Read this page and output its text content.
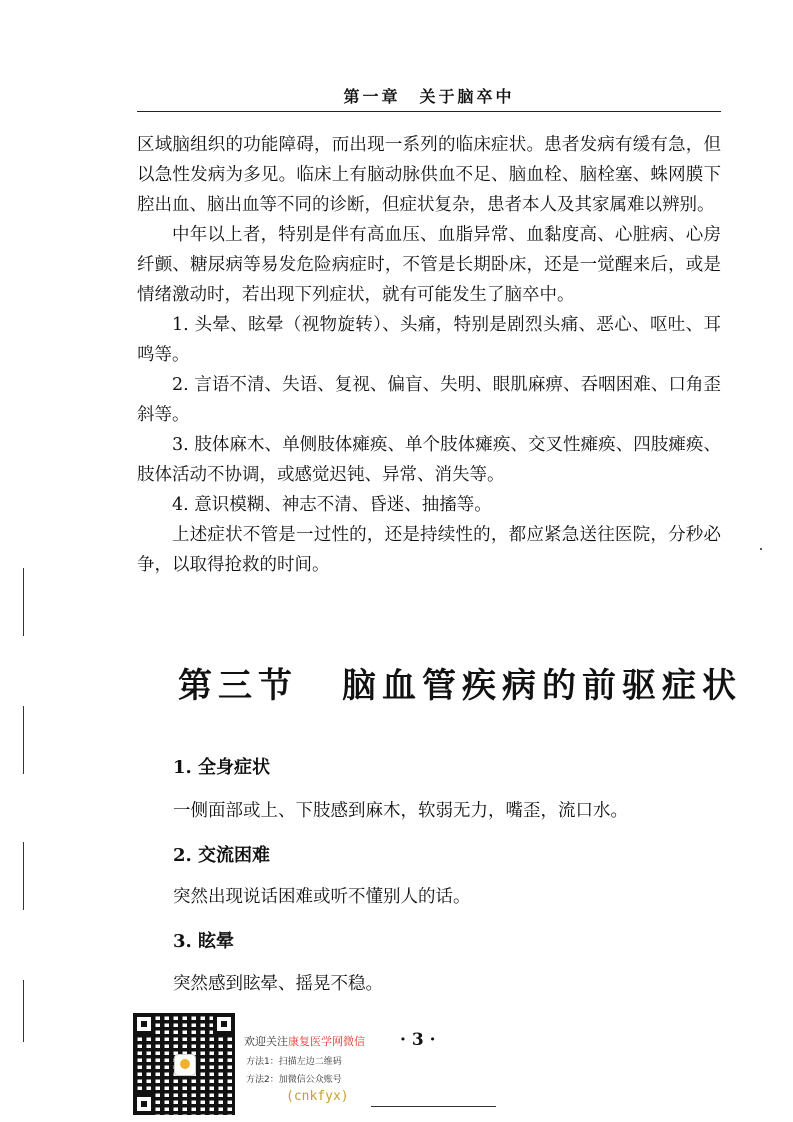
第一章　关于脑卒中

区域脑组织的功能障碍，而出现一系列的临床症状。患者发病有缓有急，但以急性发病为多见。临床上有脑动脉供血不足、脑血栓、脑栓塞、蛛网膜下腔出血、脑出血等不同的诊断，但症状复杂，患者本人及其家属难以辨别。

中年以上者，特别是伴有高血压、血脂异常、血黏度高、心脏病、心房纤颤、糖尿病等易发危险病症时，不管是长期卧床，还是一觉醒来后，或是情绪激动时，若出现下列症状，就有可能发生了脑卒中。

1. 头晕、眩晕（视物旋转）、头痛，特别是剧烈头痛、恶心、呕吐、耳鸣等。

2. 言语不清、失语、复视、偏盲、失明、眼肌麻痹、吞咽困难、口角歪斜等。

3. 肢体麻木、单侧肢体瘫痪、单个肢体瘫痪、交叉性瘫痪、四肢瘫痪、肢体活动不协调，或感觉迟钝、异常、消失等。

4. 意识模糊、神志不清、昏迷、抽搐等。

上述症状不管是一过性的，还是持续性的，都应紧急送往医院，分秒必争，以取得抢救的时间。

第三节 脑血管疾病的前驱症状
1. 全身症状
一侧面部或上、下肢感到麻木，软弱无力，嘴歪，流口水。
2. 交流困难
突然出现说话困难或听不懂别人的话。
3. 眩晕
突然感到眩晕、摇晃不稳。
欢迎关注康复医学网微信
方法1：扫描左边二维码
方法2：加微信公众账号
(cnkfyx)
· 3 ·
